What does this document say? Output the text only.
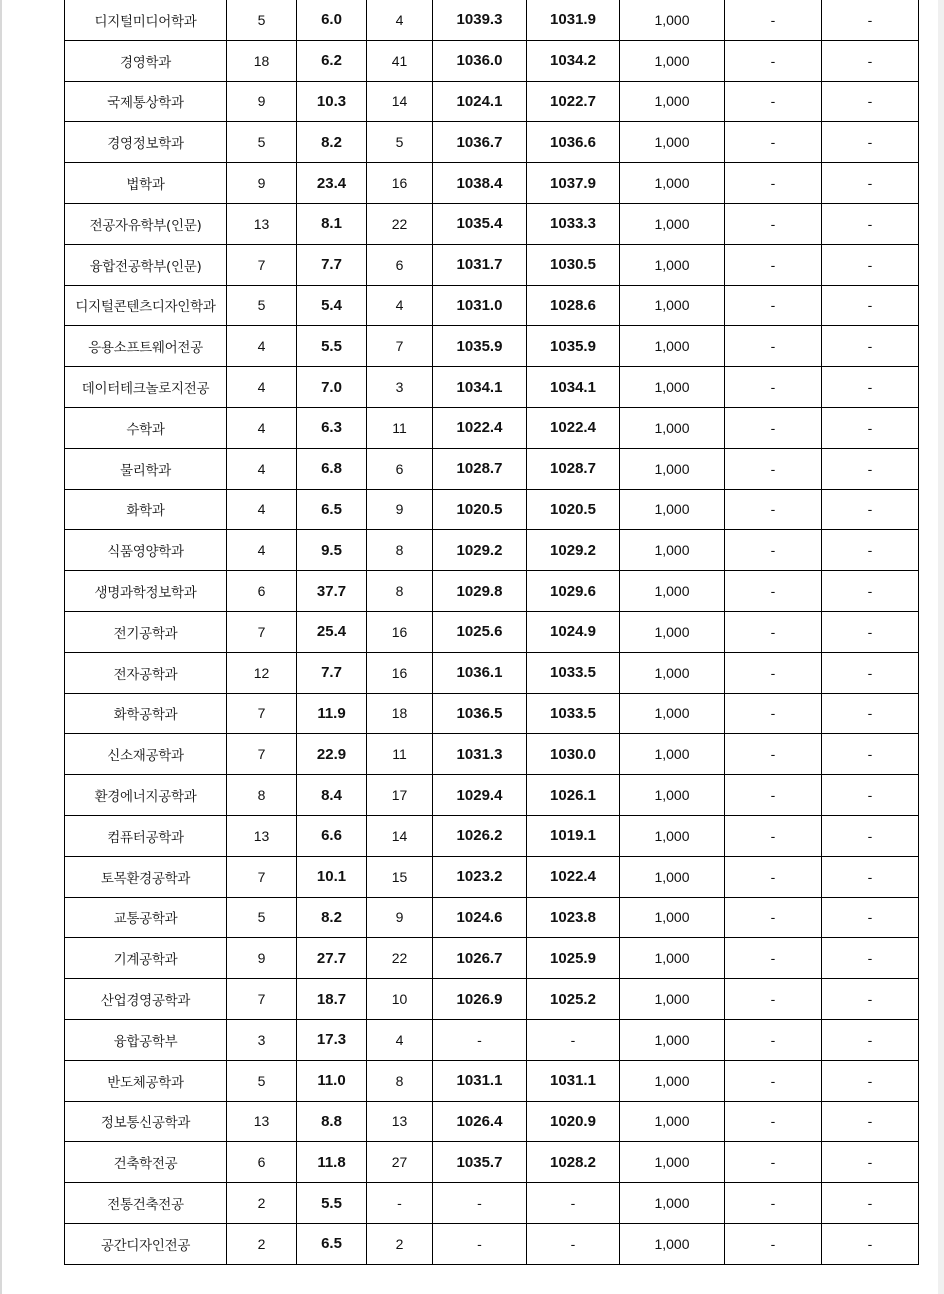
디지털미디어학과	5	6.0	4	1039.3	1031.9	1,000	-	-
경영학과	18	6.2	41	1036.0	1034.2	1,000	-	-
국제통상학과	9	10.3	14	1024.1	1022.7	1,000	-	-
경영정보학과	5	8.2	5	1036.7	1036.6	1,000	-	-
법학과	9	23.4	16	1038.4	1037.9	1,000	-	-
전공자유학부(인문)	13	8.1	22	1035.4	1033.3	1,000	-	-
융합전공학부(인문)	7	7.7	6	1031.7	1030.5	1,000	-	-
디지털콘텐츠디자인학과	5	5.4	4	1031.0	1028.6	1,000	-	-
응용소프트웨어전공	4	5.5	7	1035.9	1035.9	1,000	-	-
데이터테크놀로지전공	4	7.0	3	1034.1	1034.1	1,000	-	-
수학과	4	6.3	11	1022.4	1022.4	1,000	-	-
물리학과	4	6.8	6	1028.7	1028.7	1,000	-	-
화학과	4	6.5	9	1020.5	1020.5	1,000	-	-
식품영양학과	4	9.5	8	1029.2	1029.2	1,000	-	-
생명과학정보학과	6	37.7	8	1029.8	1029.6	1,000	-	-
전기공학과	7	25.4	16	1025.6	1024.9	1,000	-	-
전자공학과	12	7.7	16	1036.1	1033.5	1,000	-	-
화학공학과	7	11.9	18	1036.5	1033.5	1,000	-	-
신소재공학과	7	22.9	11	1031.3	1030.0	1,000	-	-
환경에너지공학과	8	8.4	17	1029.4	1026.1	1,000	-	-
컴퓨터공학과	13	6.6	14	1026.2	1019.1	1,000	-	-
토목환경공학과	7	10.1	15	1023.2	1022.4	1,000	-	-
교통공학과	5	8.2	9	1024.6	1023.8	1,000	-	-
기계공학과	9	27.7	22	1026.7	1025.9	1,000	-	-
산업경영공학과	7	18.7	10	1026.9	1025.2	1,000	-	-
융합공학부	3	17.3	4	-	-	1,000	-	-
반도체공학과	5	11.0	8	1031.1	1031.1	1,000	-	-
정보통신공학과	13	8.8	13	1026.4	1020.9	1,000	-	-
건축학전공	6	11.8	27	1035.7	1028.2	1,000	-	-
전통건축전공	2	5.5	-	-	-	1,000	-	-
공간디자인전공	2	6.5	2	-	-	1,000	-	-
